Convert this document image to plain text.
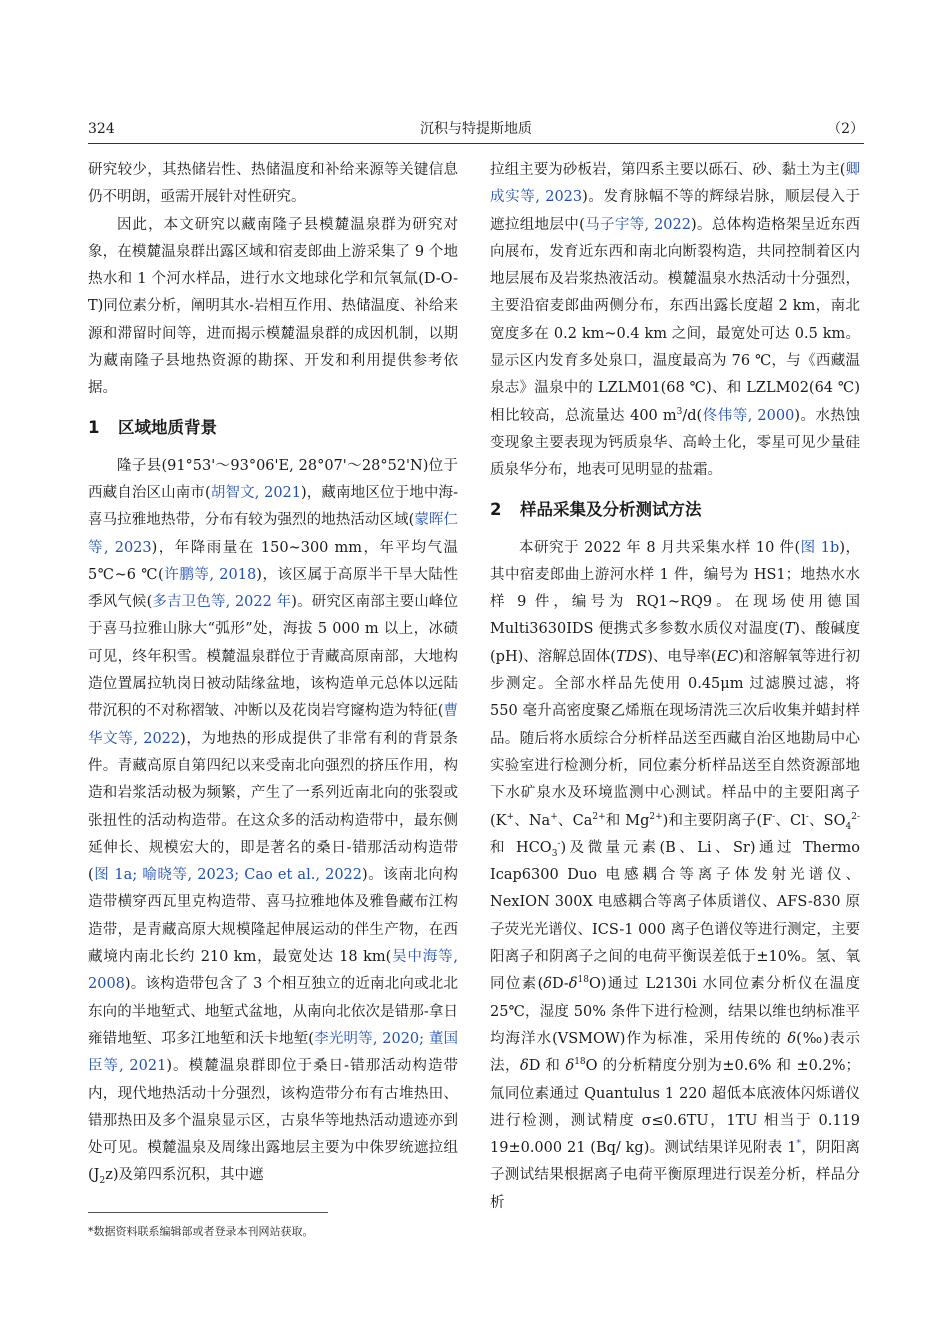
324	沉积与特提斯地质	（2）

研究较少，其热储岩性、热储温度和补给来源等关键信息仍不明朗，亟需开展针对性研究。

因此，本文研究以藏南隆子县模麓温泉群为研究对象，在模麓温泉群出露区域和宿麦郎曲上游采集了 9 个地热水和 1 个河水样品，进行水文地球化学和氘氧氚(D-O-T)同位素分析，阐明其水-岩相互作用、热储温度、补给来源和滞留时间等，进而揭示模麓温泉群的成因机制，以期为藏南隆子县地热资源的勘探、开发和利用提供参考依据。

1 区域地质背景

隆子县(91°53'～93°06'E, 28°07'～28°52'N)位于西藏自治区山南市(胡智文, 2021)，藏南地区位于地中海-喜马拉雅地热带，分布有较为强烈的地热活动区域(蒙晖仁等, 2023)，年降雨量在 150~300 mm，年平均气温 5℃~6 ℃(许鹏等, 2018)，该区属于高原半干旱大陆性季风气候(多吉卫色等, 2022 年)。研究区南部主要山峰位于喜马拉雅山脉大“弧形”处，海拔 5 000 m 以上，冰碛可见，终年积雪。模麓温泉群位于青藏高原南部，大地构造位置属拉轨岗日被动陆缘盆地，该构造单元总体以远陆带沉积的不对称褶皱、冲断以及花岗岩穹窿构造为特征(曹华文等, 2022)，为地热的形成提供了非常有利的背景条件。青藏高原自第四纪以来受南北向强烈的挤压作用，构造和岩浆活动极为频繁，产生了一系列近南北向的张裂或张扭性的活动构造带。在这众多的活动构造带中，最东侧延伸长、规模宏大的，即是著名的桑日-错那活动构造带(图 1a; 喻晓等, 2023; Cao et al., 2022)。该南北向构造带横穿西瓦里克构造带、喜马拉雅地体及雅鲁藏布江构造带，是青藏高原大规模隆起伸展运动的伴生产物，在西藏境内南北长约 210 km，最宽处达 18 km(吴中海等, 2008)。该构造带包含了 3 个相互独立的近南北向或北北东向的半地堑式、地堑式盆地，从南向北依次是错那-拿日雍错地堑、邛多江地堑和沃卡地堑(李光明等, 2020; 董国臣等, 2021)。模麓温泉群即位于桑日-错那活动构造带内，现代地热活动十分强烈，该构造带分布有古堆热田、错那热田及多个温泉显示区，古泉华等地热活动遗迹亦到处可见。模麓温泉及周缘出露地层主要为中侏罗统遮拉组$(J_2z)$及第四系沉积，其中遮

拉组主要为砂板岩，第四系主要以砾石、砂、黏土为主(卿成实等, 2023)。发育脉幅不等的辉绿岩脉，顺层侵入于遮拉组地层中(马子宇等, 2022)。总体构造格架呈近东西向展布，发育近东西和南北向断裂构造，共同控制着区内地层展布及岩浆热液活动。模麓温泉水热活动十分强烈，主要沿宿麦郎曲两侧分布，东西出露长度超 2 km，南北宽度多在 0.2 km~0.4 km 之间，最宽处可达 0.5 km。显示区内发育多处泉口，温度最高为 76 ℃，与《西藏温泉志》温泉中的 LZLM01(68 ℃)、和 LZLM02(64 ℃)相比较高，总流量达 400 $m^3/d$(佟伟等, 2000)。水热蚀变现象主要表现为钙质泉华、高岭土化，零星可见少量硅质泉华分布，地表可见明显的盐霜。

2 样品采集及分析测试方法

本研究于 2022 年 8 月共采集水样 10 件(图 1b)，其中宿麦郎曲上游河水样 1 件，编号为 HS1；地热水水样 9 件，编号为 RQ1~RQ9。在现场使用德国 Multi3630IDS 便携式多参数水质仪对温度(T)、酸碱度(pH)、溶解总固体(TDS)、电导率(EC)和溶解氧等进行初步测定。全部水样品先使用 0.45μm 过滤膜过滤，将 550 毫升高密度聚乙烯瓶在现场清洗三次后收集并蜡封样品。随后将水质综合分析样品送至西藏自治区地勘局中心实验室进行检测分析，同位素分析样品送至自然资源部地下水矿泉水及环境监测中心测试。样品中的主要阳离子(K+、Na+、$Ca^{2+}$和 $Mg^{2+}$)和主要阴离子(F-、Cl-、$SO_4^{2-}$和 $HCO_3^-$)及微量元素(B、Li、Sr)通过 Thermo Icap6300 Duo 电感耦合等离子体发射光谱仪、NexION 300X 电感耦合等离子体质谱仪、AFS-830 原子荧光光谱仪、ICS-1 000 离子色谱仪等进行测定，主要阳离子和阴离子之间的电荷平衡误差低于±10%。氢、氧同位素$(\delta D-\delta^{18}O)$通过 L2130i 水同位素分析仪在温度 25℃，湿度 50% 条件下进行检测，结果以维也纳标准平均海洋水(VSMOW)作为标准，采用传统的 δ(‰)表示法，δD 和 $\delta^{18}O$ 的分析精度分别为±0.6% 和 ±0.2%；氚同位素通过 Quantulus 1 220 超低本底液体闪烁谱仪进行检测，测试精度 σ≤0.6TU，1TU 相当于 0.119 19±0.000 21 (Bq/ kg)。测试结果详见附表 1*，阴阳离子测试结果根据离子电荷平衡原理进行误差分析，样品分析

*数据资料联系编辑部或者登录本刊网站获取。
